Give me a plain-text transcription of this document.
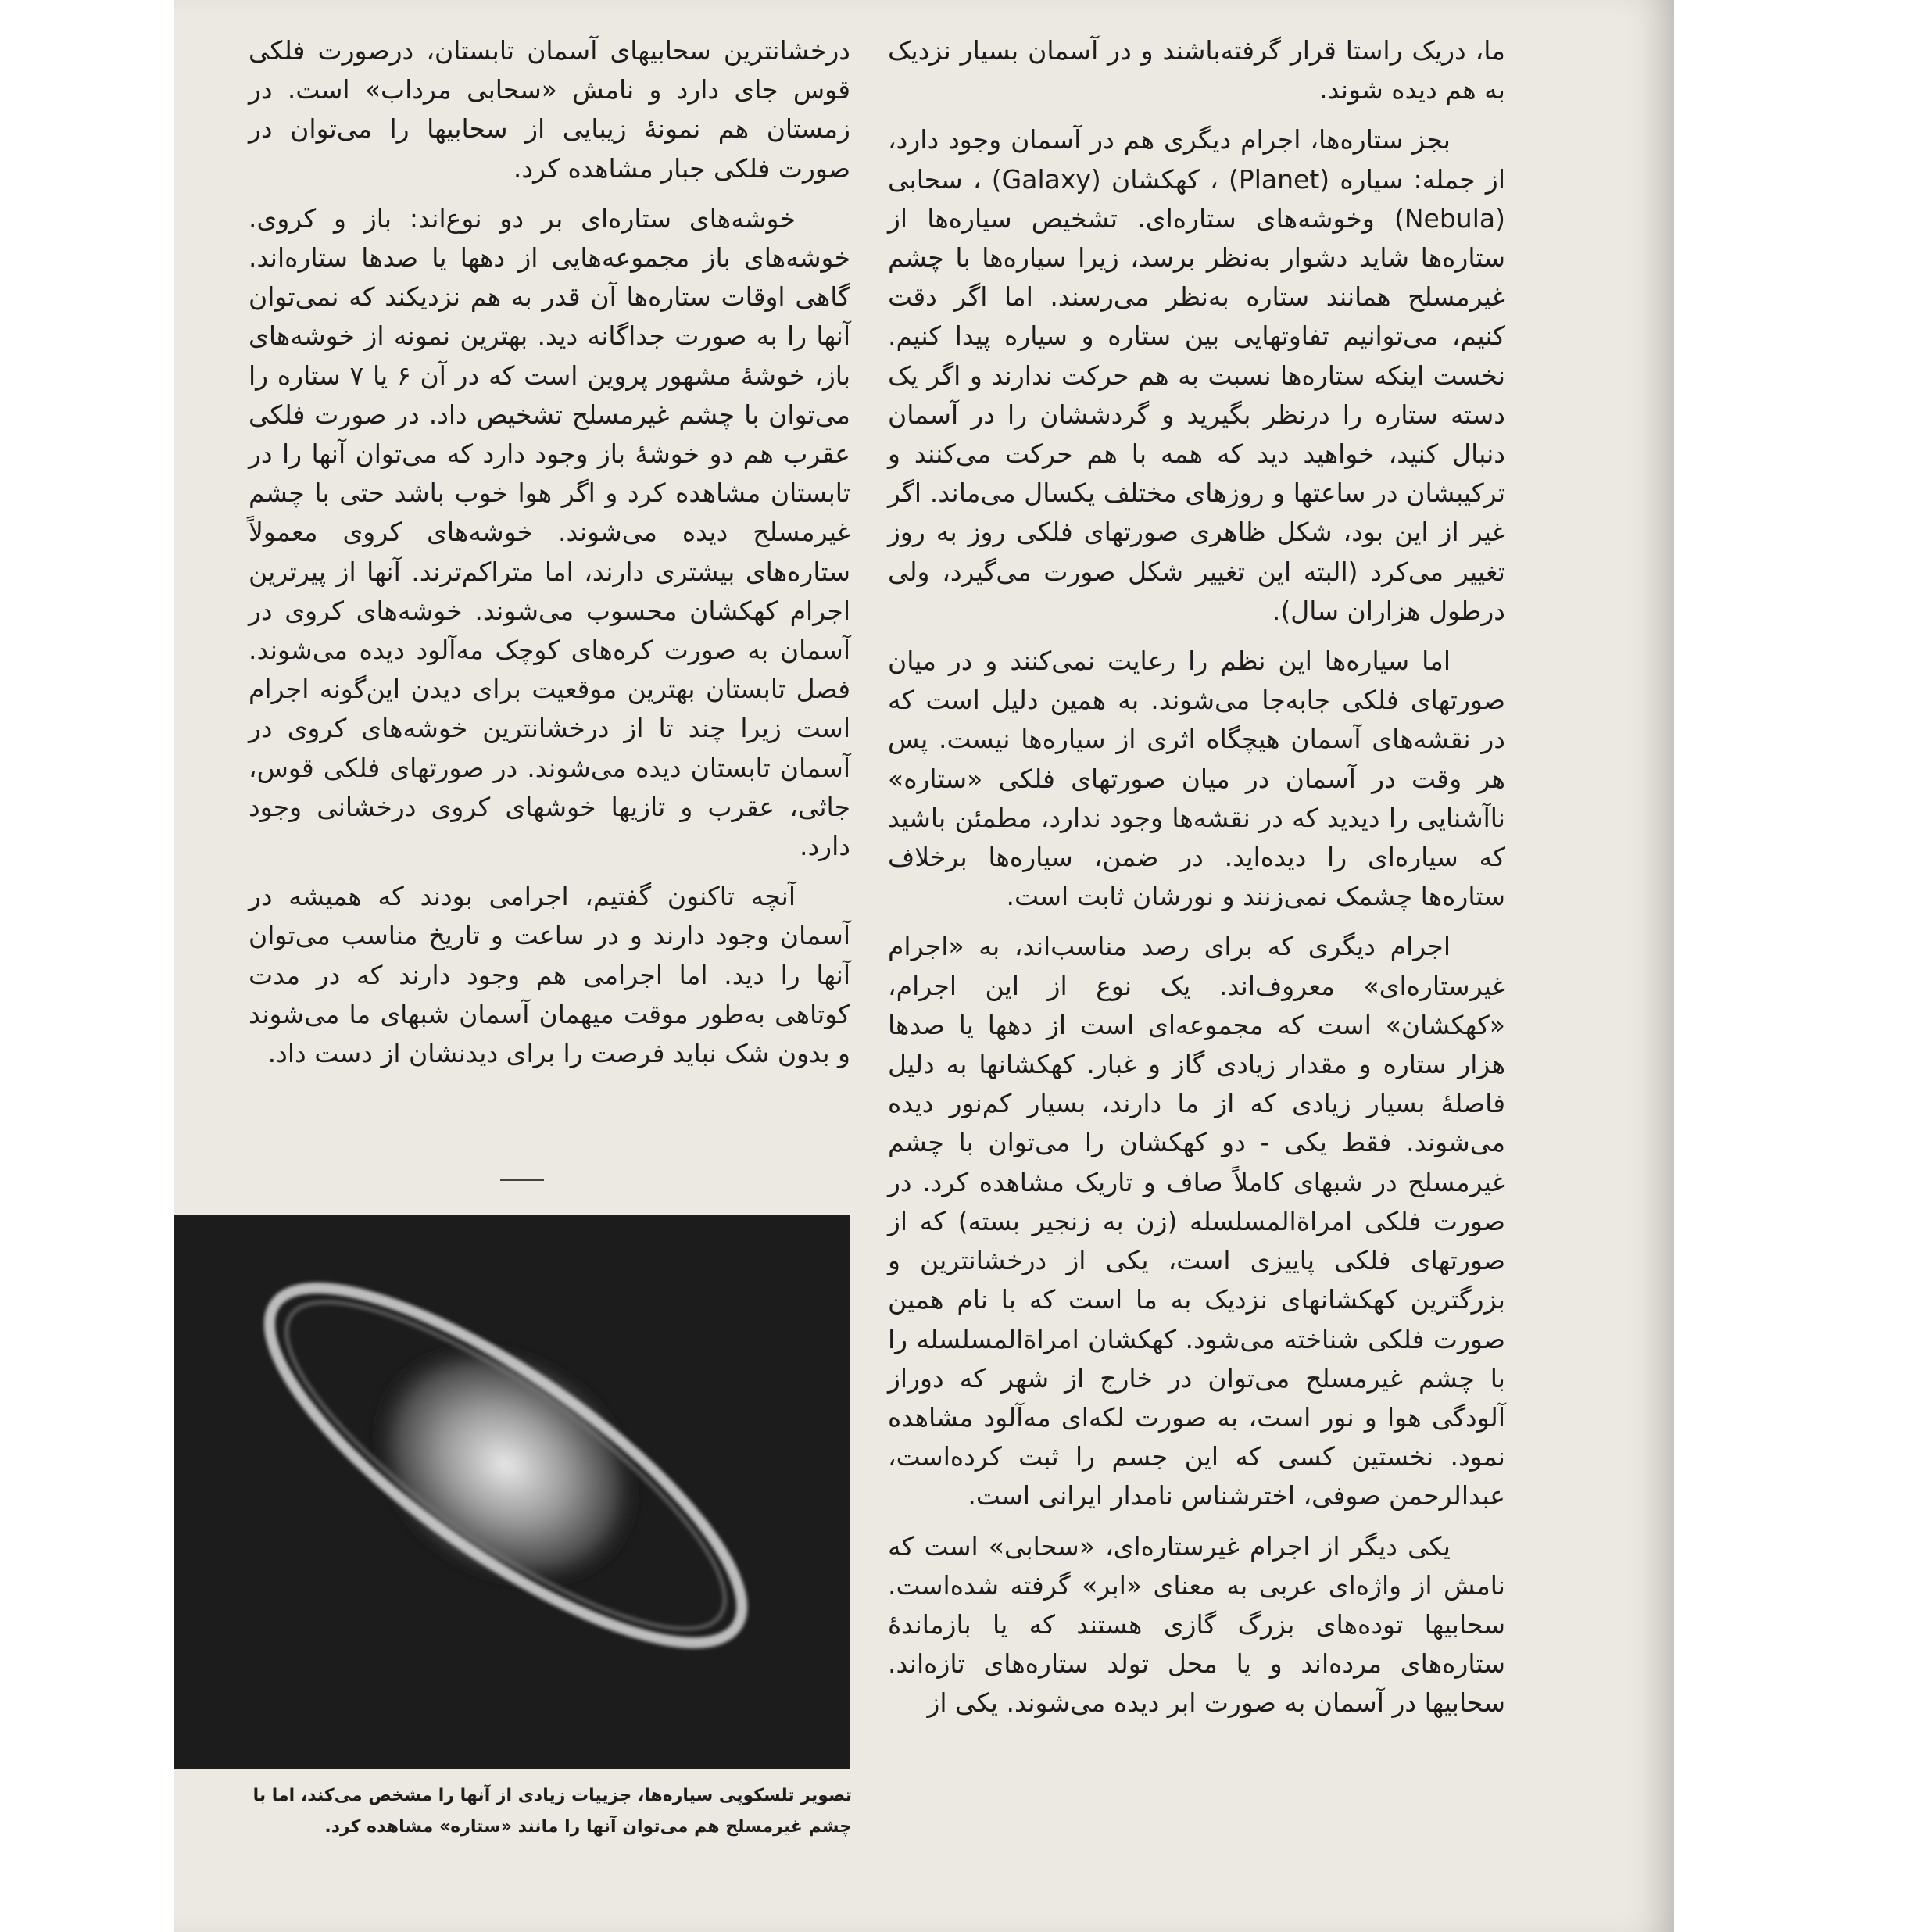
ما، دریک راستا قرار گرفته‌باشند و در آسمان بسیار نزدیک به هم دیده شوند.

بجز ستاره‌ها، اجرام دیگری هم در آسمان وجود دارد، از جمله: سیاره (Planet) ، کهکشان (Galaxy) ، سحابی (Nebula) وخوشه‌های ستاره‌ای. تشخیص سیاره‌ها از ستاره‌ها شاید دشوار به‌نظر برسد، زیرا سیاره‌ها با چشم غیرمسلح همانند ستاره به‌نظر می‌رسند. اما اگر دقت کنیم، می‌توانیم تفاوتهایی بین ستاره و سیاره پیدا کنیم. نخست اینکه ستاره‌ها نسبت به هم حرکت ندارند و اگر یک دسته ستاره را درنظر بگیرید و گردششان را در آسمان دنبال کنید، خواهید دید که همه با هم حرکت می‌کنند و ترکیبشان در ساعتها و روزهای مختلف یکسال می‌ماند. اگر غیر از این بود، شکل ظاهری صورتهای فلکی روز به روز تغییر می‌کرد (البته این تغییر شکل صورت می‌گیرد، ولی درطول هزاران سال).

اما سیاره‌ها این نظم را رعایت نمی‌کنند و در میان صورتهای فلکی جابه‌جا می‌شوند. به همین دلیل است که در نقشه‌های آسمان هیچگاه اثری از سیاره‌ها نیست. پس هر وقت در آسمان در میان صورتهای فلکی «ستاره» ناآشنایی را دیدید که در نقشه‌ها وجود ندارد، مطمئن باشید که سیاره‌ای را دیده‌اید. در ضمن، سیاره‌ها برخلاف ستاره‌ها چشمک نمی‌زنند و نورشان ثابت است.

اجرام دیگری که برای رصد مناسب‌اند، به «اجرام غیرستاره‌ای» معروف‌اند. یک نوع از این اجرام، «کهکشان» است که مجموعه‌ای است از دهها یا صدها هزار ستاره و مقدار زیادی گاز و غبار. کهکشانها به دلیل فاصلهٔ بسیار زیادی که از ما دارند، بسیار کم‌نور دیده می‌شوند. فقط یکی - دو کهکشان را می‌توان با چشم غیرمسلح در شبهای کاملاً صاف و تاریک مشاهده کرد. در صورت فلکی امراة‌المسلسله (زن به زنجیر بسته) که از صورتهای فلکی پاییزی است، یکی از درخشانترین و بزرگترین کهکشانهای نزدیک به ما است که با نام همین صورت فلکی شناخته می‌شود. کهکشان امراة‌المسلسله را با چشم غیرمسلح می‌توان در خارج از شهر که دوراز آلودگی هوا و نور است، به صورت لکه‌ای مه‌آلود مشاهده نمود. نخستین کسی که این جسم را ثبت کرده‌است، عبدالرحمن صوفی، اخترشناس نامدار ایرانی است.

یکی دیگر از اجرام غیرستاره‌ای، «سحابی» است که نامش از واژه‌ای عربی به معنای «ابر» گرفته شده‌است. سحابیها توده‌های بزرگ گازی هستند که یا بازماندهٔ ستاره‌های مرده‌اند و یا محل تولد ستاره‌های تازه‌اند. سحابیها در آسمان به صورت ابر دیده می‌شوند. یکی از

درخشانترین سحابیهای آسمان تابستان، درصورت فلکی قوس جای دارد و نامش «سحابی مرداب» است. در زمستان هم نمونهٔ زیبایی از سحابیها را می‌توان در صورت فلکی جبار مشاهده کرد.

خوشه‌های ستاره‌ای بر دو نوع‌اند: باز و کروی. خوشه‌های باز مجموعه‌هایی از دهها یا صدها ستاره‌اند. گاهی اوقات ستاره‌ها آن قدر به هم نزدیکند که نمی‌توان آنها را به صورت جداگانه دید. بهترین نمونه از خوشه‌های باز، خوشهٔ مشهور پروین است که در آن ۶ یا ۷ ستاره را می‌توان با چشم غیرمسلح تشخیص داد. در صورت فلکی عقرب هم دو خوشهٔ باز وجود دارد که می‌توان آنها را در تابستان مشاهده کرد و اگر هوا خوب باشد حتی با چشم غیرمسلح دیده می‌شوند. خوشه‌های کروی معمولاً ستاره‌های بیشتری دارند، اما متراکم‌ترند. آنها از پیرترین اجرام کهکشان محسوب می‌شوند. خوشه‌های کروی در آسمان به صورت کره‌های کوچک مه‌آلود دیده می‌شوند. فصل تابستان بهترین موقعیت برای دیدن این‌گونه اجرام است زیرا چند تا از درخشانترین خوشه‌های کروی در آسمان تابستان دیده می‌شوند. در صورتهای فلکی قوس، جاثی، عقرب و تازیها خوشهای کروی درخشانی وجود دارد.

آنچه تاکنون گفتیم، اجرامی بودند که همیشه در آسمان وجود دارند و در ساعت و تاریخ مناسب می‌توان آنها را دید. اما اجرامی هم وجود دارند که در مدت کوتاهی به‌طور موقت میهمان آسمان شبهای ما می‌شوند و بدون شک نباید فرصت را برای دیدنشان از دست داد.

تصویر تلسکوپی سیاره‌ها، جزییات زیادی از آنها را مشخص می‌کند، اما با

چشم غیرمسلح هم می‌توان آنها را مانند «ستاره» مشاهده کرد.
